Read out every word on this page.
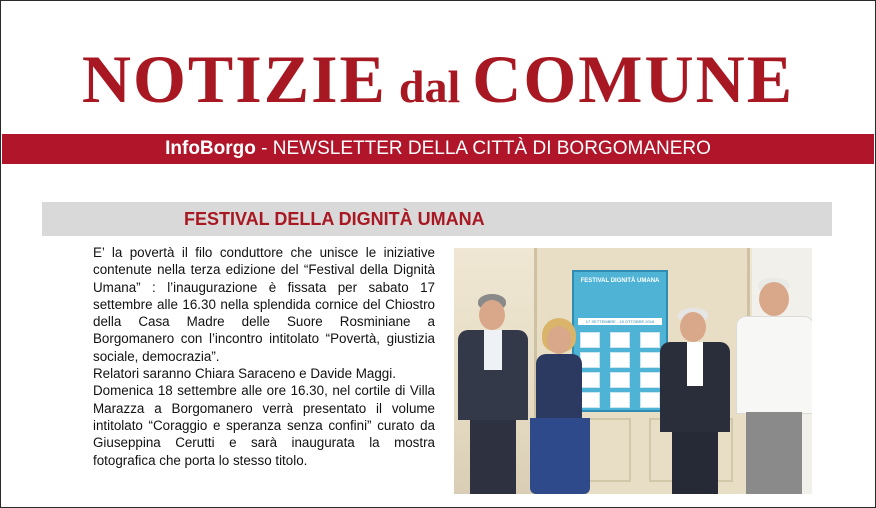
NOTIZIE dal COMUNE
InfoBorgo - NEWSLETTER DELLA CITTÀ DI BORGOMANERO
FESTIVAL DELLA DIGNITÀ UMANA

E’ la povertà il filo conduttore che unisce le iniziative contenute nella terza edizione del “Festival della Dignità Umana” : l’inaugurazione è fissata per sabato 17 settembre alle 16.30 nella splendida cornice del Chiostro della Casa Madre delle Suore Rosminiane a Borgomanero con l’incontro intitolato “Povertà, giustizia sociale, democrazia”.

Relatori saranno Chiara Saraceno e Davide Maggi.

Domenica 18 settembre alle ore 16.30, nel cortile di Villa Marazza a Borgomanero verrà presentato il volume intitolato “Coraggio e speranza senza confini” curato da Giuseppina Cerutti e sarà inaugurata la mostra fotografica che porta lo stesso titolo.

FESTIVAL DIGNITÀ UMANA
17 SETTEMBRE - 15 OTTOBRE 2016
